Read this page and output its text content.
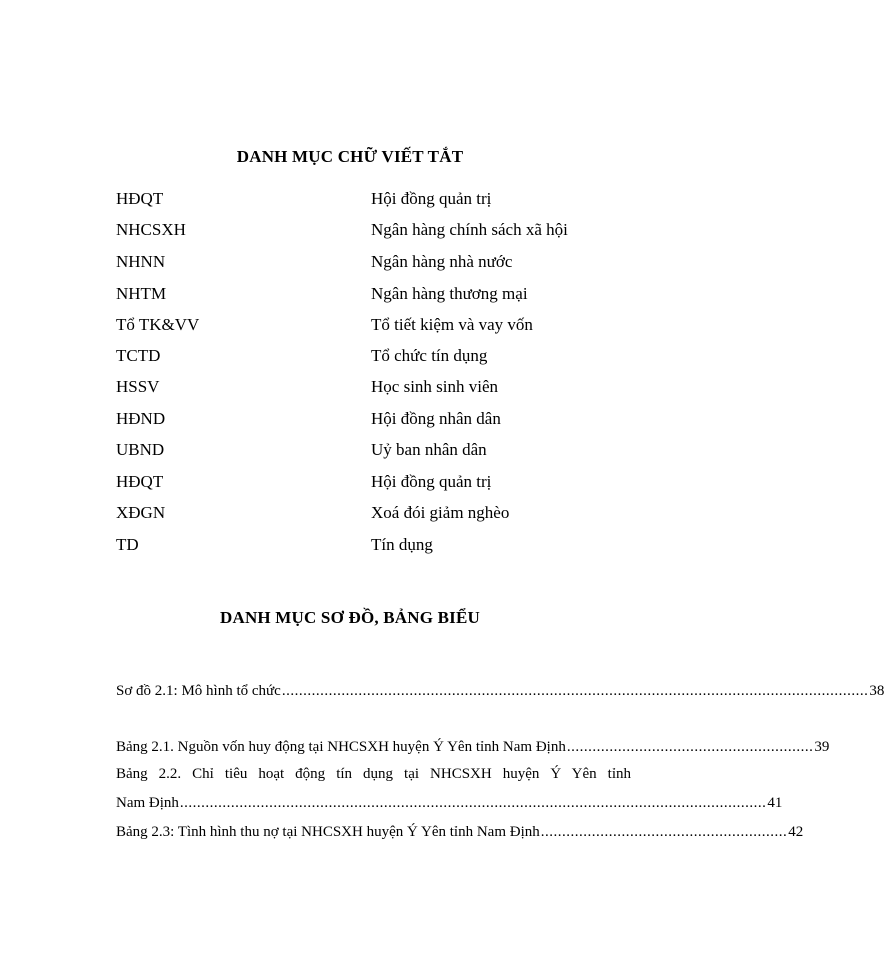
DANH MỤC CHỮ VIẾT TẮT
HĐQT	Hội đồng quản trị
NHCSXH	Ngân hàng chính sách xã hội
NHNN	Ngân hàng nhà nước
NHTM	Ngân hàng thương mại
Tổ TK&VV	Tổ tiết kiệm và vay vốn
TCTD	Tổ chức tín dụng
HSSV	Học sinh sinh viên
HĐND	Hội đồng nhân dân
UBND	Uỷ ban nhân dân
HĐQT	Hội đồng quản trị
XĐGN	Xoá đói giảm nghèo
TD	Tín dụng
DANH MỤC SƠ ĐỒ, BẢNG BIỂU
Sơ đồ 2.1: Mô hình tổ chức .......................................................................................................................................... 38
Bảng 2.1. Nguồn vốn huy động tại NHCSXH huyện Ý Yên tỉnh Nam Định .......................................................... 39
Bảng 2.2. Chỉ tiêu hoạt động tín dụng tại NHCSXH huyện Ý Yên tỉnh
Nam Định .......................................................................................................................................... 41
Bảng 2.3: Tình hình thu nợ tại NHCSXH huyện Ý Yên tỉnh Nam Định .......................................................... 42
